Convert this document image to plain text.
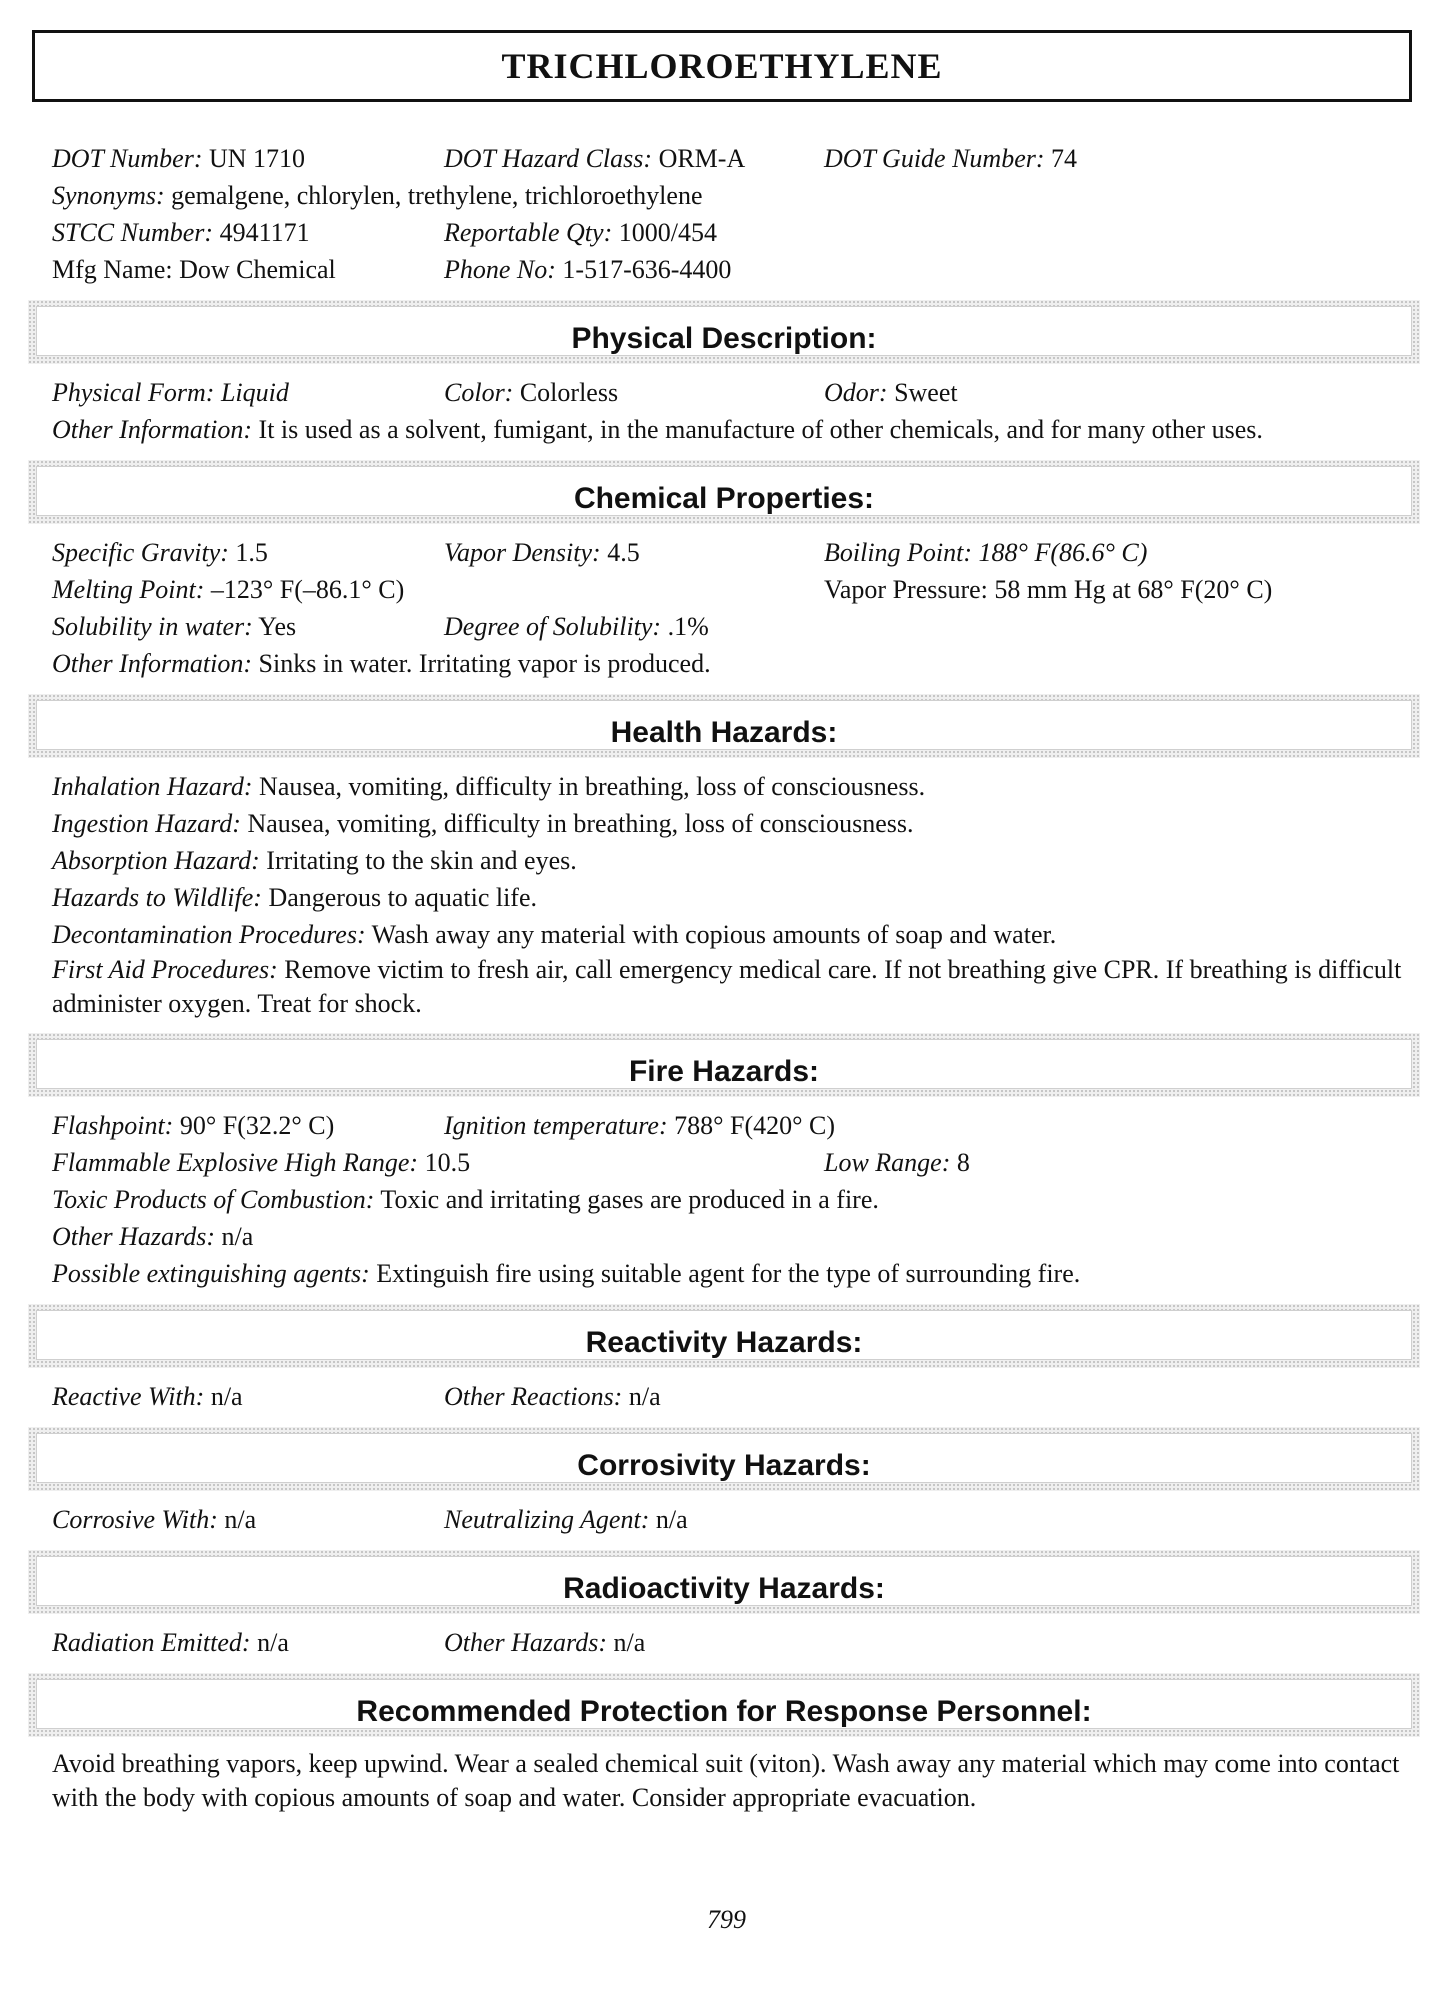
TRICHLOROETHYLENE
DOT Number: UN 1710	DOT Hazard Class: ORM-A	DOT Guide Number: 74
Synonyms: gemalgene, chlorylen, trethylene, trichloroethylene
STCC Number: 4941171	Reportable Qty: 1000/454
Mfg Name: Dow Chemical	Phone No: 1-517-636-4400
Physical Description:
Physical Form: Liquid	Color: Colorless	Odor: Sweet
Other Information: It is used as a solvent, fumigant, in the manufacture of other chemicals, and for many other uses.
Chemical Properties:
Specific Gravity: 1.5	Vapor Density: 4.5	Boiling Point: 188° F(86.6° C)
Melting Point: –123° F(–86.1° C)	Vapor Pressure: 58 mm Hg at 68° F(20° C)
Solubility in water: Yes	Degree of Solubility: .1%
Other Information: Sinks in water. Irritating vapor is produced.
Health Hazards:
Inhalation Hazard: Nausea, vomiting, difficulty in breathing, loss of consciousness.
Ingestion Hazard: Nausea, vomiting, difficulty in breathing, loss of consciousness.
Absorption Hazard: Irritating to the skin and eyes.
Hazards to Wildlife: Dangerous to aquatic life.
Decontamination Procedures: Wash away any material with copious amounts of soap and water.
First Aid Procedures: Remove victim to fresh air, call emergency medical care. If not breathing give CPR. If breathing is difficult administer oxygen. Treat for shock.
Fire Hazards:
Flashpoint: 90° F(32.2° C)	Ignition temperature: 788° F(420° C)
Flammable Explosive High Range: 10.5	Low Range: 8
Toxic Products of Combustion: Toxic and irritating gases are produced in a fire.
Other Hazards: n/a
Possible extinguishing agents: Extinguish fire using suitable agent for the type of surrounding fire.
Reactivity Hazards:
Reactive With: n/a	Other Reactions: n/a
Corrosivity Hazards:
Corrosive With: n/a	Neutralizing Agent: n/a
Radioactivity Hazards:
Radiation Emitted: n/a	Other Hazards: n/a
Recommended Protection for Response Personnel:
Avoid breathing vapors, keep upwind. Wear a sealed chemical suit (viton). Wash away any material which may come into contact with the body with copious amounts of soap and water. Consider appropriate evacuation.
799
